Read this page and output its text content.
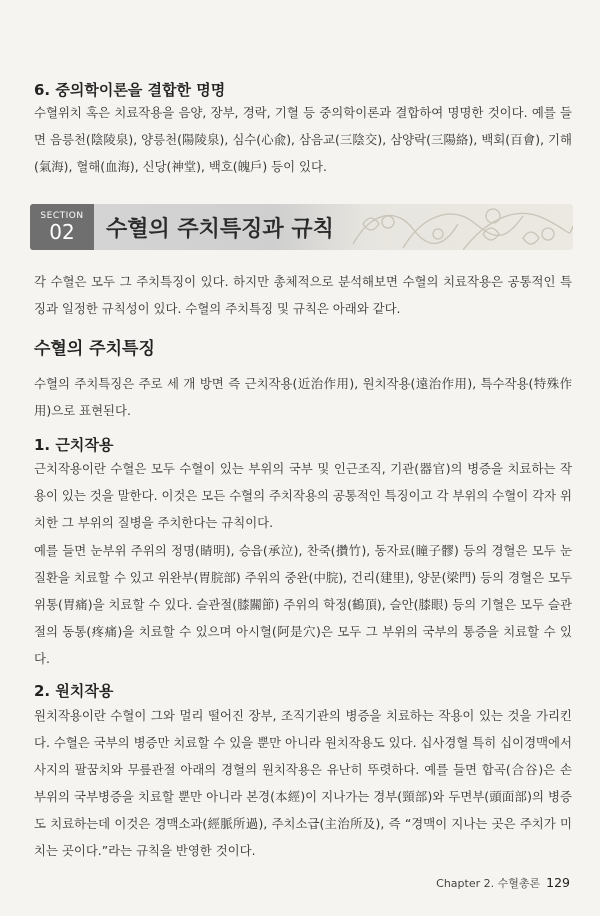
6. 중의학이론을 결합한 명명

수혈위치 혹은 치료작용을 음양, 장부, 경락, 기혈 등 중의학이론과 결합하여 명명한 것이다. 예를 들면 음릉천(陰陵泉), 양릉천(陽陵泉), 심수(心兪), 삼음교(三陰交), 삼양락(三陽絡), 백회(百會), 기해(氣海), 혈해(血海), 신당(神堂), 백호(魄戶) 등이 있다.

SECTION
02	수혈의 주치특징과 규칙

각 수혈은 모두 그 주치특징이 있다. 하지만 총체적으로 분석해보면 수혈의 치료작용은 공통적인 특징과 일정한 규칙성이 있다. 수혈의 주치특징 및 규칙은 아래와 같다.

수혈의 주치특징

수혈의 주치특징은 주로 세 개 방면 즉 근치작용(近治作用), 원치작용(遠治作用), 특수작용(特殊作用)으로 표현된다.

1. 근치작용

근치작용이란 수혈은 모두 수혈이 있는 부위의 국부 및 인근조직, 기관(器官)의 병증을 치료하는 작용이 있는 것을 말한다. 이것은 모든 수혈의 주치작용의 공통적인 특징이고 각 부위의 수혈이 각자 위치한 그 부위의 질병을 주치한다는 규칙이다.

예를 들면 눈부위 주위의 정명(睛明), 승읍(承泣), 찬죽(攢竹), 동자료(瞳子髎) 등의 경혈은 모두 눈질환을 치료할 수 있고 위완부(胃脘部) 주위의 중완(中脘), 건리(建里), 양문(梁門) 등의 경혈은 모두 위통(胃痛)을 치료할 수 있다. 슬관절(膝關節) 주위의 학정(鶴頂), 슬안(膝眼) 등의 기혈은 모두 슬관절의 동통(疼痛)을 치료할 수 있으며 아시혈(阿是穴)은 모두 그 부위의 국부의 통증을 치료할 수 있다.

2. 원치작용

원치작용이란 수혈이 그와 멀리 떨어진 장부, 조직기관의 병증을 치료하는 작용이 있는 것을 가리킨다. 수혈은 국부의 병증만 치료할 수 있을 뿐만 아니라 원치작용도 있다. 십사경혈 특히 십이경맥에서 사지의 팔꿈치와 무릎관절 아래의 경혈의 원치작용은 유난히 뚜렷하다. 예를 들면 합곡(合谷)은 손 부위의 국부병증을 치료할 뿐만 아니라 본경(本經)이 지나가는 경부(頸部)와 두면부(頭面部)의 병증도 치료하는데 이것은 경맥소과(經脈所過), 주치소급(主治所及), 즉 “경맥이 지나는 곳은 주치가 미치는 곳이다.”라는 규칙을 반영한 것이다.

Chapter 2. 수혈총론 129
